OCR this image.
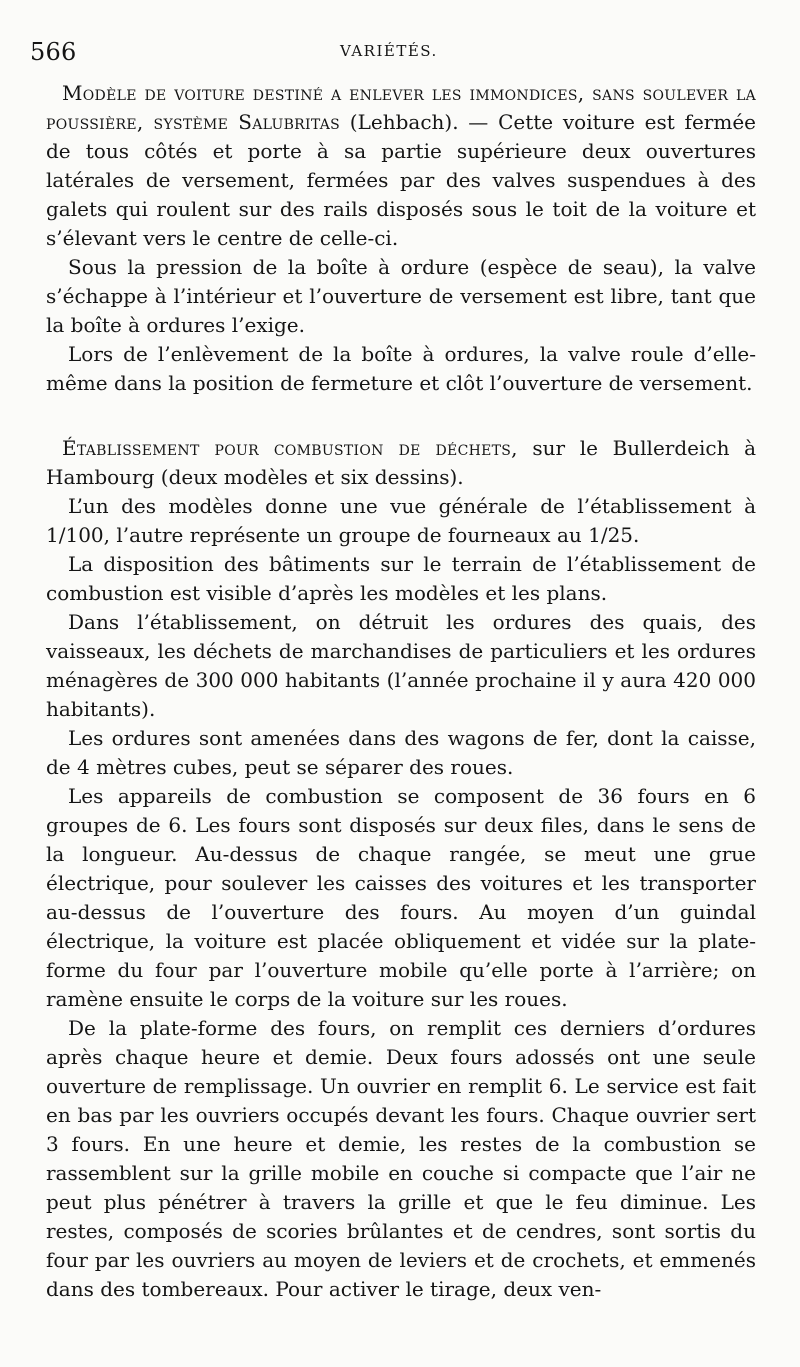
566	VARIÉTÉS.

Modèle de voiture destiné a enlever les immondices, sans soulever la poussière, système Salubritas (Lehbach). — Cette voiture est fermée de tous côtés et porte à sa partie supérieure deux ouvertures latérales de versement, fermées par des valves suspendues à des galets qui roulent sur des rails disposés sous le toit de la voiture et s’élevant vers le centre de celle-ci.

Sous la pression de la boîte à ordure (espèce de seau), la valve s’échappe à l’intérieur et l’ouverture de versement est libre, tant que la boîte à ordures l’exige.

Lors de l’enlèvement de la boîte à ordures, la valve roule d’elle-même dans la position de fermeture et clôt l’ouverture de versement.

Établissement pour combustion de déchets, sur le Bullerdeich à Hambourg (deux modèles et six dessins).

L’un des modèles donne une vue générale de l’établissement à 1/100, l’autre représente un groupe de fourneaux au 1/25.

La disposition des bâtiments sur le terrain de l’établissement de combustion est visible d’après les modèles et les plans.

Dans l’établissement, on détruit les ordures des quais, des vaisseaux, les déchets de marchandises de particuliers et les ordures ménagères de 300 000 habitants (l’année prochaine il y aura 420 000 habitants).

Les ordures sont amenées dans des wagons de fer, dont la caisse, de 4 mètres cubes, peut se séparer des roues.

Les appareils de combustion se composent de 36 fours en 6 groupes de 6. Les fours sont disposés sur deux files, dans le sens de la longueur. Au-dessus de chaque rangée, se meut une grue électrique, pour soulever les caisses des voitures et les transporter au-dessus de l’ouverture des fours. Au moyen d’un guindal électrique, la voiture est placée obliquement et vidée sur la plate-forme du four par l’ouverture mobile qu’elle porte à l’arrière; on ramène ensuite le corps de la voiture sur les roues.

De la plate-forme des fours, on remplit ces derniers d’ordures après chaque heure et demie. Deux fours adossés ont une seule ouverture de remplissage. Un ouvrier en remplit 6. Le service est fait en bas par les ouvriers occupés devant les fours. Chaque ouvrier sert 3 fours. En une heure et demie, les restes de la combustion se rassemblent sur la grille mobile en couche si compacte que l’air ne peut plus pénétrer à travers la grille et que le feu diminue. Les restes, composés de scories brûlantes et de cendres, sont sortis du four par les ouvriers au moyen de leviers et de crochets, et emmenés dans des tombereaux. Pour activer le tirage, deux ven-
